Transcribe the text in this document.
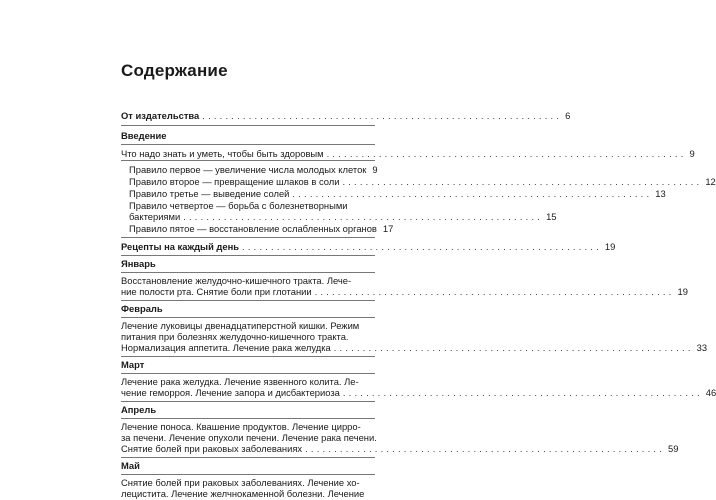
Содержание
От издательства .............................................................. 6
Введение
Что надо знать и уметь, чтобы быть здоровым .............................................................. 9
Правило первое — увеличение числа молодых клеток 9
Правило второе — превращение шлаков в соли .............................................................. 12
Правило третье — выведение солей .............................................................. 13
Правило четвертое — борьба с болезнетворными
бактериями .............................................................. 15
Правило пятое — восстановление ослабленных органов 17
Рецепты на каждый день .............................................................. 19
Январь
Восстановление желудочно-кишечного тракта. Лече-
ние полости рта. Снятие боли при глотании .............................................................. 19
Февраль
Лечение луковицы двенадцатиперстной кишки. Режим
питания при болезнях желудочно-кишечного тракта.
Нормализация аппетита. Лечение рака желудка .............................................................. 33
Март
Лечение рака желудка. Лечение язвенного колита. Ле-
чение геморроя. Лечение запора и дисбактериоза .............................................................. 46
Апрель
Лечение поноса. Квашение продуктов. Лечение цирро-
за печени. Лечение опухоли печени. Лечение рака печени.
Снятие болей при раковых заболеваниях .............................................................. 59
Май
Снятие болей при раковых заболеваниях. Лечение хо-
лецистита. Лечение желчнокаменной болезни. Лечение
